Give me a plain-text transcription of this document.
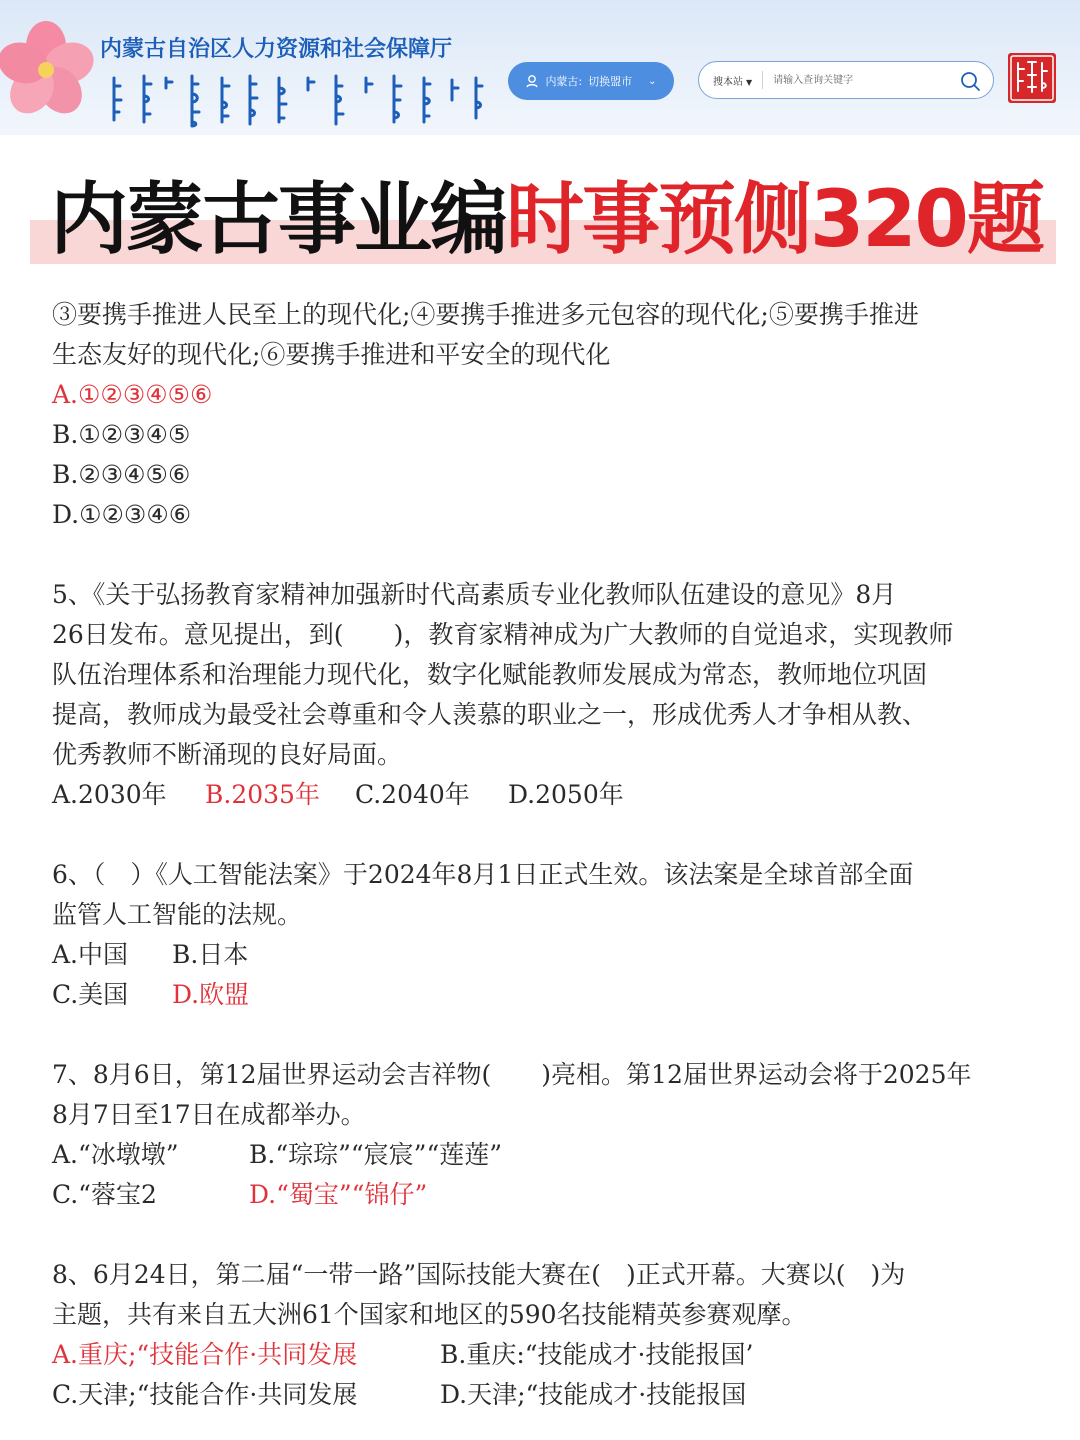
内蒙古自治区人力资源和社会保障厅
内蒙古: 切换盟市 ⌄	搜本站 ▼
请输入查询关键字
内蒙古事业编时事预侧320题

③要携手推进人民至上的现代化;④要携手推进多元包容的现代化;⑤要携手推进

生态友好的现代化;⑥要携手推进和平安全的现代化

A.①②③④⑤⑥

B.①②③④⑤

B.②③④⑤⑥

D.①②③④⑥

5、《关于弘扬教育家精神加强新时代高素质专业化教师队伍建设的意见》8月

26日发布。意见提出，到(　　)，教育家精神成为广大教师的自觉追求，实现教师

队伍治理体系和治理能力现代化，数字化赋能教师发展成为常态，教师地位巩固

提高，教师成为最受社会尊重和令人羡慕的职业之一，形成优秀人才争相从教、

优秀教师不断涌现的良好局面。

A.2030年 B.2035年 C.2040年 D.2050年

6、（　）《人工智能法案》于2024年8月1日正式生效。该法案是全球首部全面

监管人工智能的法规。

A.中国 B.日本

C.美国 D.欧盟

7、8月6日，第12届世界运动会吉祥物(　　)亮相。第12届世界运动会将于2025年

8月7日至17日在成都举办。

A.“冰墩墩”	B.“琮琮”“宸宸”“莲莲”

C.“蓉宝2	D.“蜀宝”“锦仔”

8、6月24日，第二届“一带一路”国际技能大赛在(　)正式开幕。大赛以(　)为

主题，共有来自五大洲61个国家和地区的590名技能精英参赛观摩。

A.重庆;“技能合作·共同发展	B.重庆:“技能成才·技能报国’

C.天津;“技能合作·共同发展	D.天津;“技能成才·技能报国
